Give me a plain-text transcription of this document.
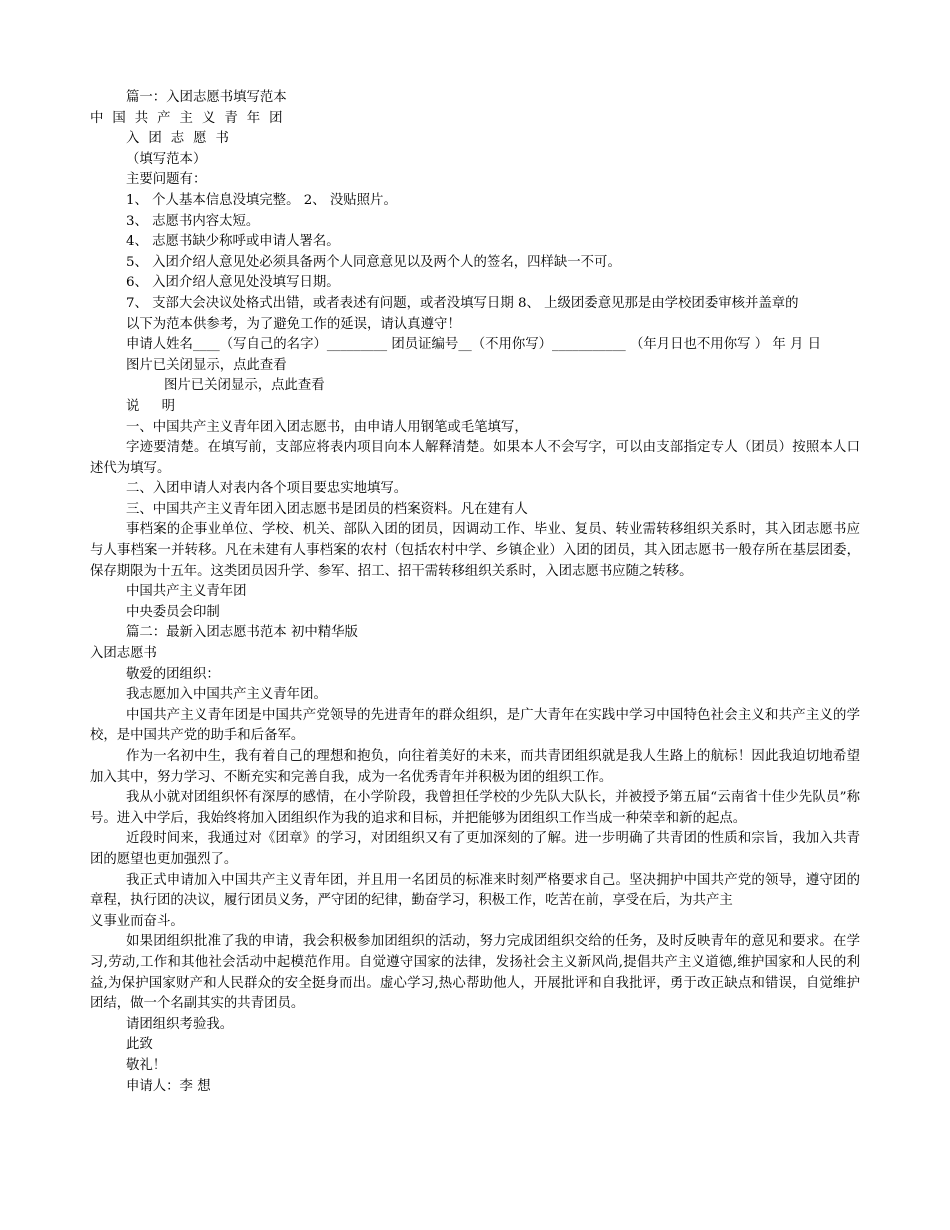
篇一：入团志愿书填写范本

中国共产主义青年团

入团志愿书

（填写范本）

主要问题有：

1、 个人基本信息没填完整。 2、 没贴照片。

3、 志愿书内容太短。

4、 志愿书缺少称呼或申请人署名。

5、 入团介绍人意见处必须具备两个人同意意见以及两个人的签名，四样缺一不可。

6、 入团介绍人意见处没填写日期。

7、 支部大会决议处格式出错，或者表述有问题，或者没填写日期 8、 上级团委意见那是由学校团委审核并盖章的

以下为范本供参考，为了避免工作的延误，请认真遵守！

申请人姓名____（写自己的名字）_________ 团员证编号__（不用你写）___________ （年月日也不用你写 ） 年 月 日

图片已关闭显示，点此查看

图片已关闭显示，点此查看

说 明

一、中国共产主义青年团入团志愿书，由申请人用钢笔或毛笔填写，

字迹要清楚。在填写前，支部应将表内项目向本人解释清楚。如果本人不会写字，可以由支部指定专人（团员）按照本人口述代为填写。

二、入团申请人对表内各个项目要忠实地填写。

三、中国共产主义青年团入团志愿书是团员的档案资料。凡在建有人

事档案的企事业单位、学校、机关、部队入团的团员，因调动工作、毕业、复员、转业需转移组织关系时，其入团志愿书应与人事档案一并转移。凡在未建有人事档案的农村（包括农村中学、乡镇企业）入团的团员，其入团志愿书一般存所在基层团委，保存期限为十五年。这类团员因升学、参军、招工、招干需转移组织关系时，入团志愿书应随之转移。

中国共产主义青年团

中央委员会印制

篇二：最新入团志愿书范本 初中精华版

入团志愿书

敬爱的团组织：

我志愿加入中国共产主义青年团。

中国共产主义青年团是中国共产党领导的先进青年的群众组织，是广大青年在实践中学习中国特色社会主义和共产主义的学校，是中国共产党的助手和后备军。

作为一名初中生，我有着自己的理想和抱负，向往着美好的未来，而共青团组织就是我人生路上的航标！因此我迫切地希望加入其中，努力学习、不断充实和完善自我，成为一名优秀青年并积极为团的组织工作。

我从小就对团组织怀有深厚的感情，在小学阶段，我曾担任学校的少先队大队长，并被授予第五届“云南省十佳少先队员”称号。进入中学后，我始终将加入团组织作为我的追求和目标，并把能够为团组织工作当成一种荣幸和新的起点。

近段时间来，我通过对《团章》的学习，对团组织又有了更加深刻的了解。进一步明确了共青团的性质和宗旨，我加入共青团的愿望也更加强烈了。

我正式申请加入中国共产主义青年团，并且用一名团员的标准来时刻严格要求自己。坚决拥护中国共产党的领导，遵守团的章程，执行团的决议，履行团员义务，严守团的纪律，勤奋学习，积极工作，吃苦在前，享受在后，为共产主

义事业而奋斗。

如果团组织批准了我的申请，我会积极参加团组织的活动，努力完成团组织交给的任务，及时反映青年的意见和要求。在学习,劳动,工作和其他社会活动中起模范作用。自觉遵守国家的法律，发扬社会主义新风尚,提倡共产主义道德,维护国家和人民的利益,为保护国家财产和人民群众的安全挺身而出。虚心学习,热心帮助他人，开展批评和自我批评，勇于改正缺点和错误，自觉维护团结，做一个名副其实的共青团员。

请团组织考验我。

此致

敬礼！

申请人：李 想
